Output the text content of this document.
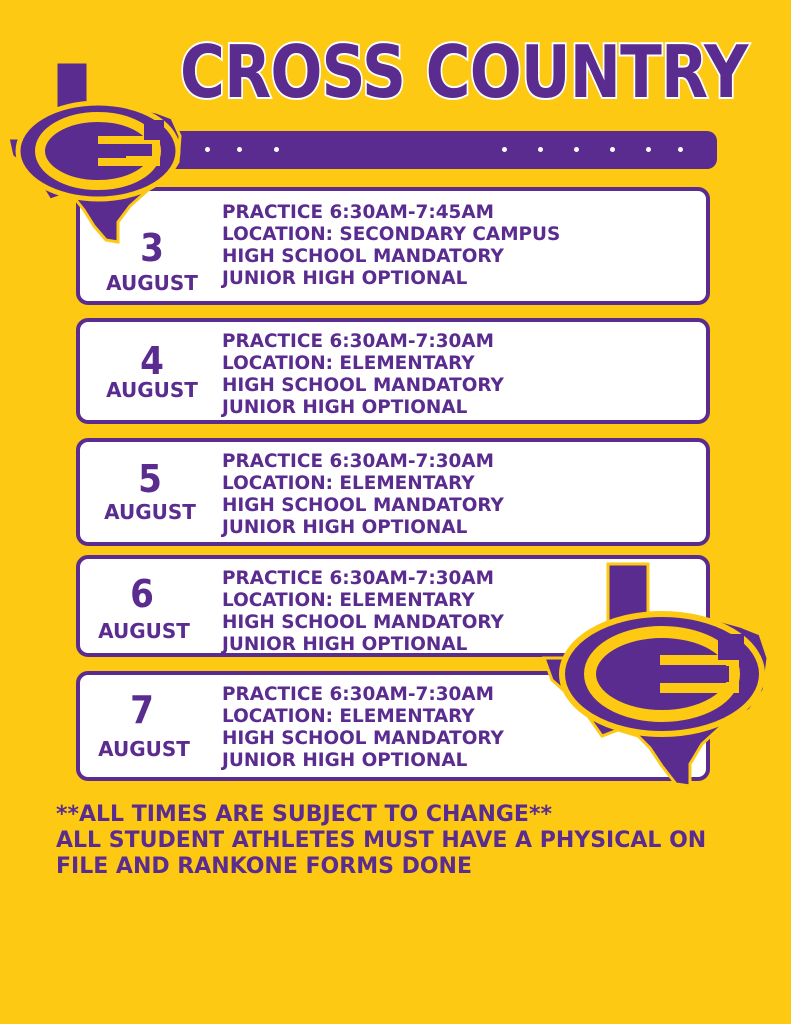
CROSS COUNTRY
3
AUGUST
PRACTICE 6:30AM-7:45AM
LOCATION: SECONDARY CAMPUS
HIGH SCHOOL MANDATORY
JUNIOR HIGH OPTIONAL
4
AUGUST
PRACTICE 6:30AM-7:30AM
LOCATION: ELEMENTARY
HIGH SCHOOL MANDATORY
JUNIOR HIGH OPTIONAL
5
AUGUST
PRACTICE 6:30AM-7:30AM
LOCATION: ELEMENTARY
HIGH SCHOOL MANDATORY
JUNIOR HIGH OPTIONAL
6
AUGUST
PRACTICE 6:30AM-7:30AM
LOCATION: ELEMENTARY
HIGH SCHOOL MANDATORY
JUNIOR HIGH OPTIONAL
7
AUGUST
PRACTICE 6:30AM-7:30AM
LOCATION: ELEMENTARY
HIGH SCHOOL MANDATORY
JUNIOR HIGH OPTIONAL
**ALL TIMES ARE SUBJECT TO CHANGE**
ALL STUDENT ATHLETES MUST HAVE A PHYSICAL ON
FILE AND RANKONE FORMS DONE
